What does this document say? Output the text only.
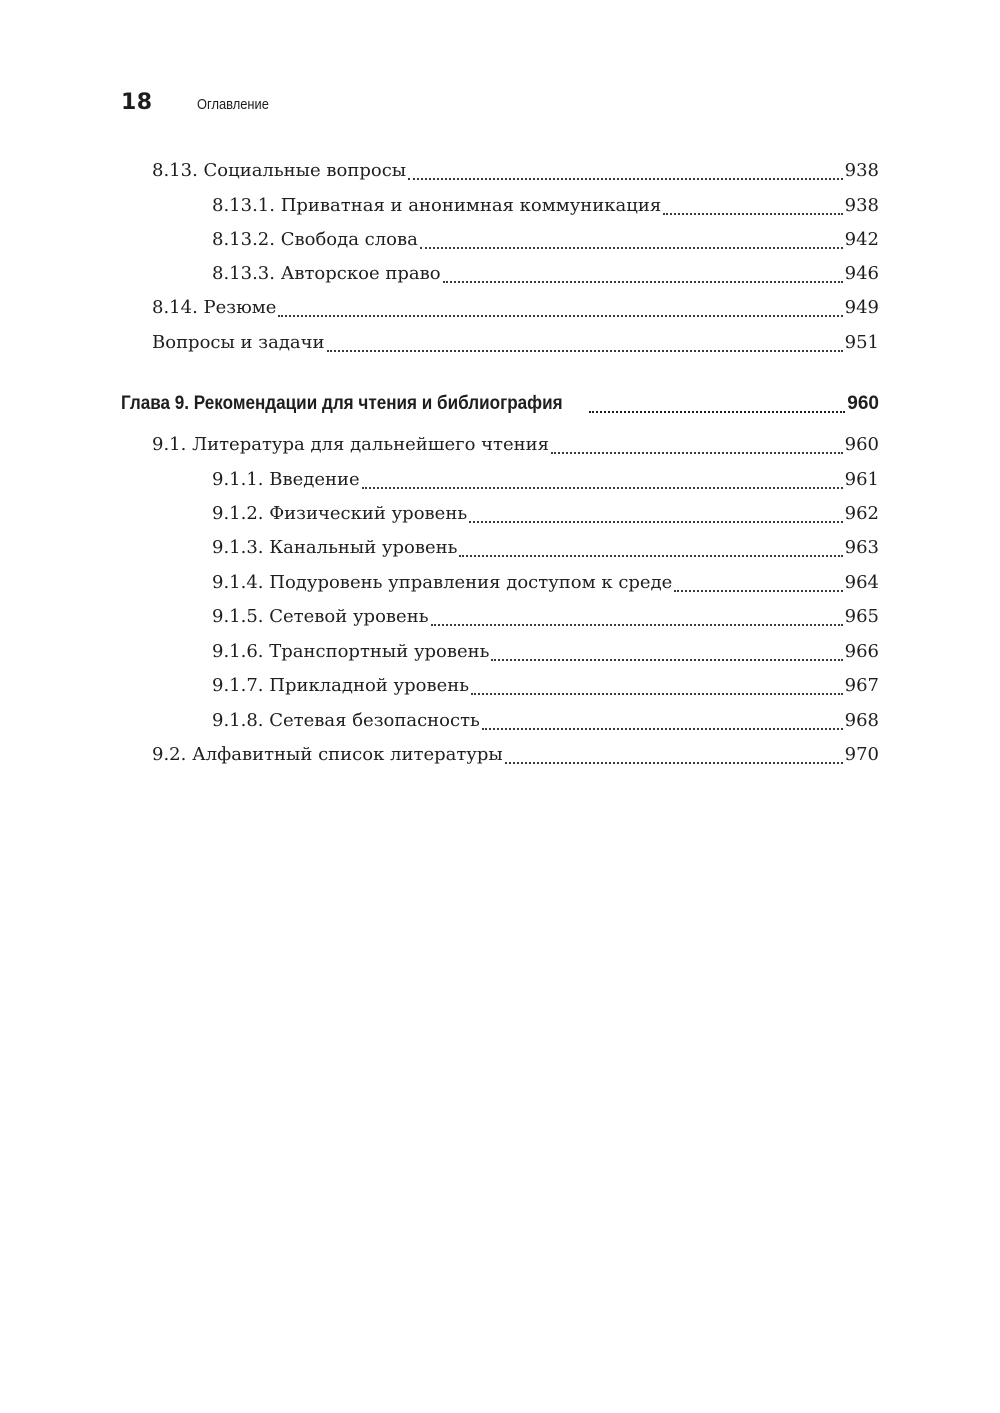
18	Оглавление
8.13. Социальные вопросы	938
8.13.1. Приватная и анонимная коммуникация	938
8.13.2. Свобода слова	942
8.13.3. Авторское право	946
8.14. Резюме	949
Вопросы и задачи	951
Глава 9. Рекомендации для чтения и библиография	960
9.1. Литература для дальнейшего чтения	960
9.1.1. Введение	961
9.1.2. Физический уровень	962
9.1.3. Канальный уровень	963
9.1.4. Подуровень управления доступом к среде	964
9.1.5. Сетевой уровень	965
9.1.6. Транспортный уровень	966
9.1.7. Прикладной уровень	967
9.1.8. Сетевая безопасность	968
9.2. Алфавитный список литературы	970
